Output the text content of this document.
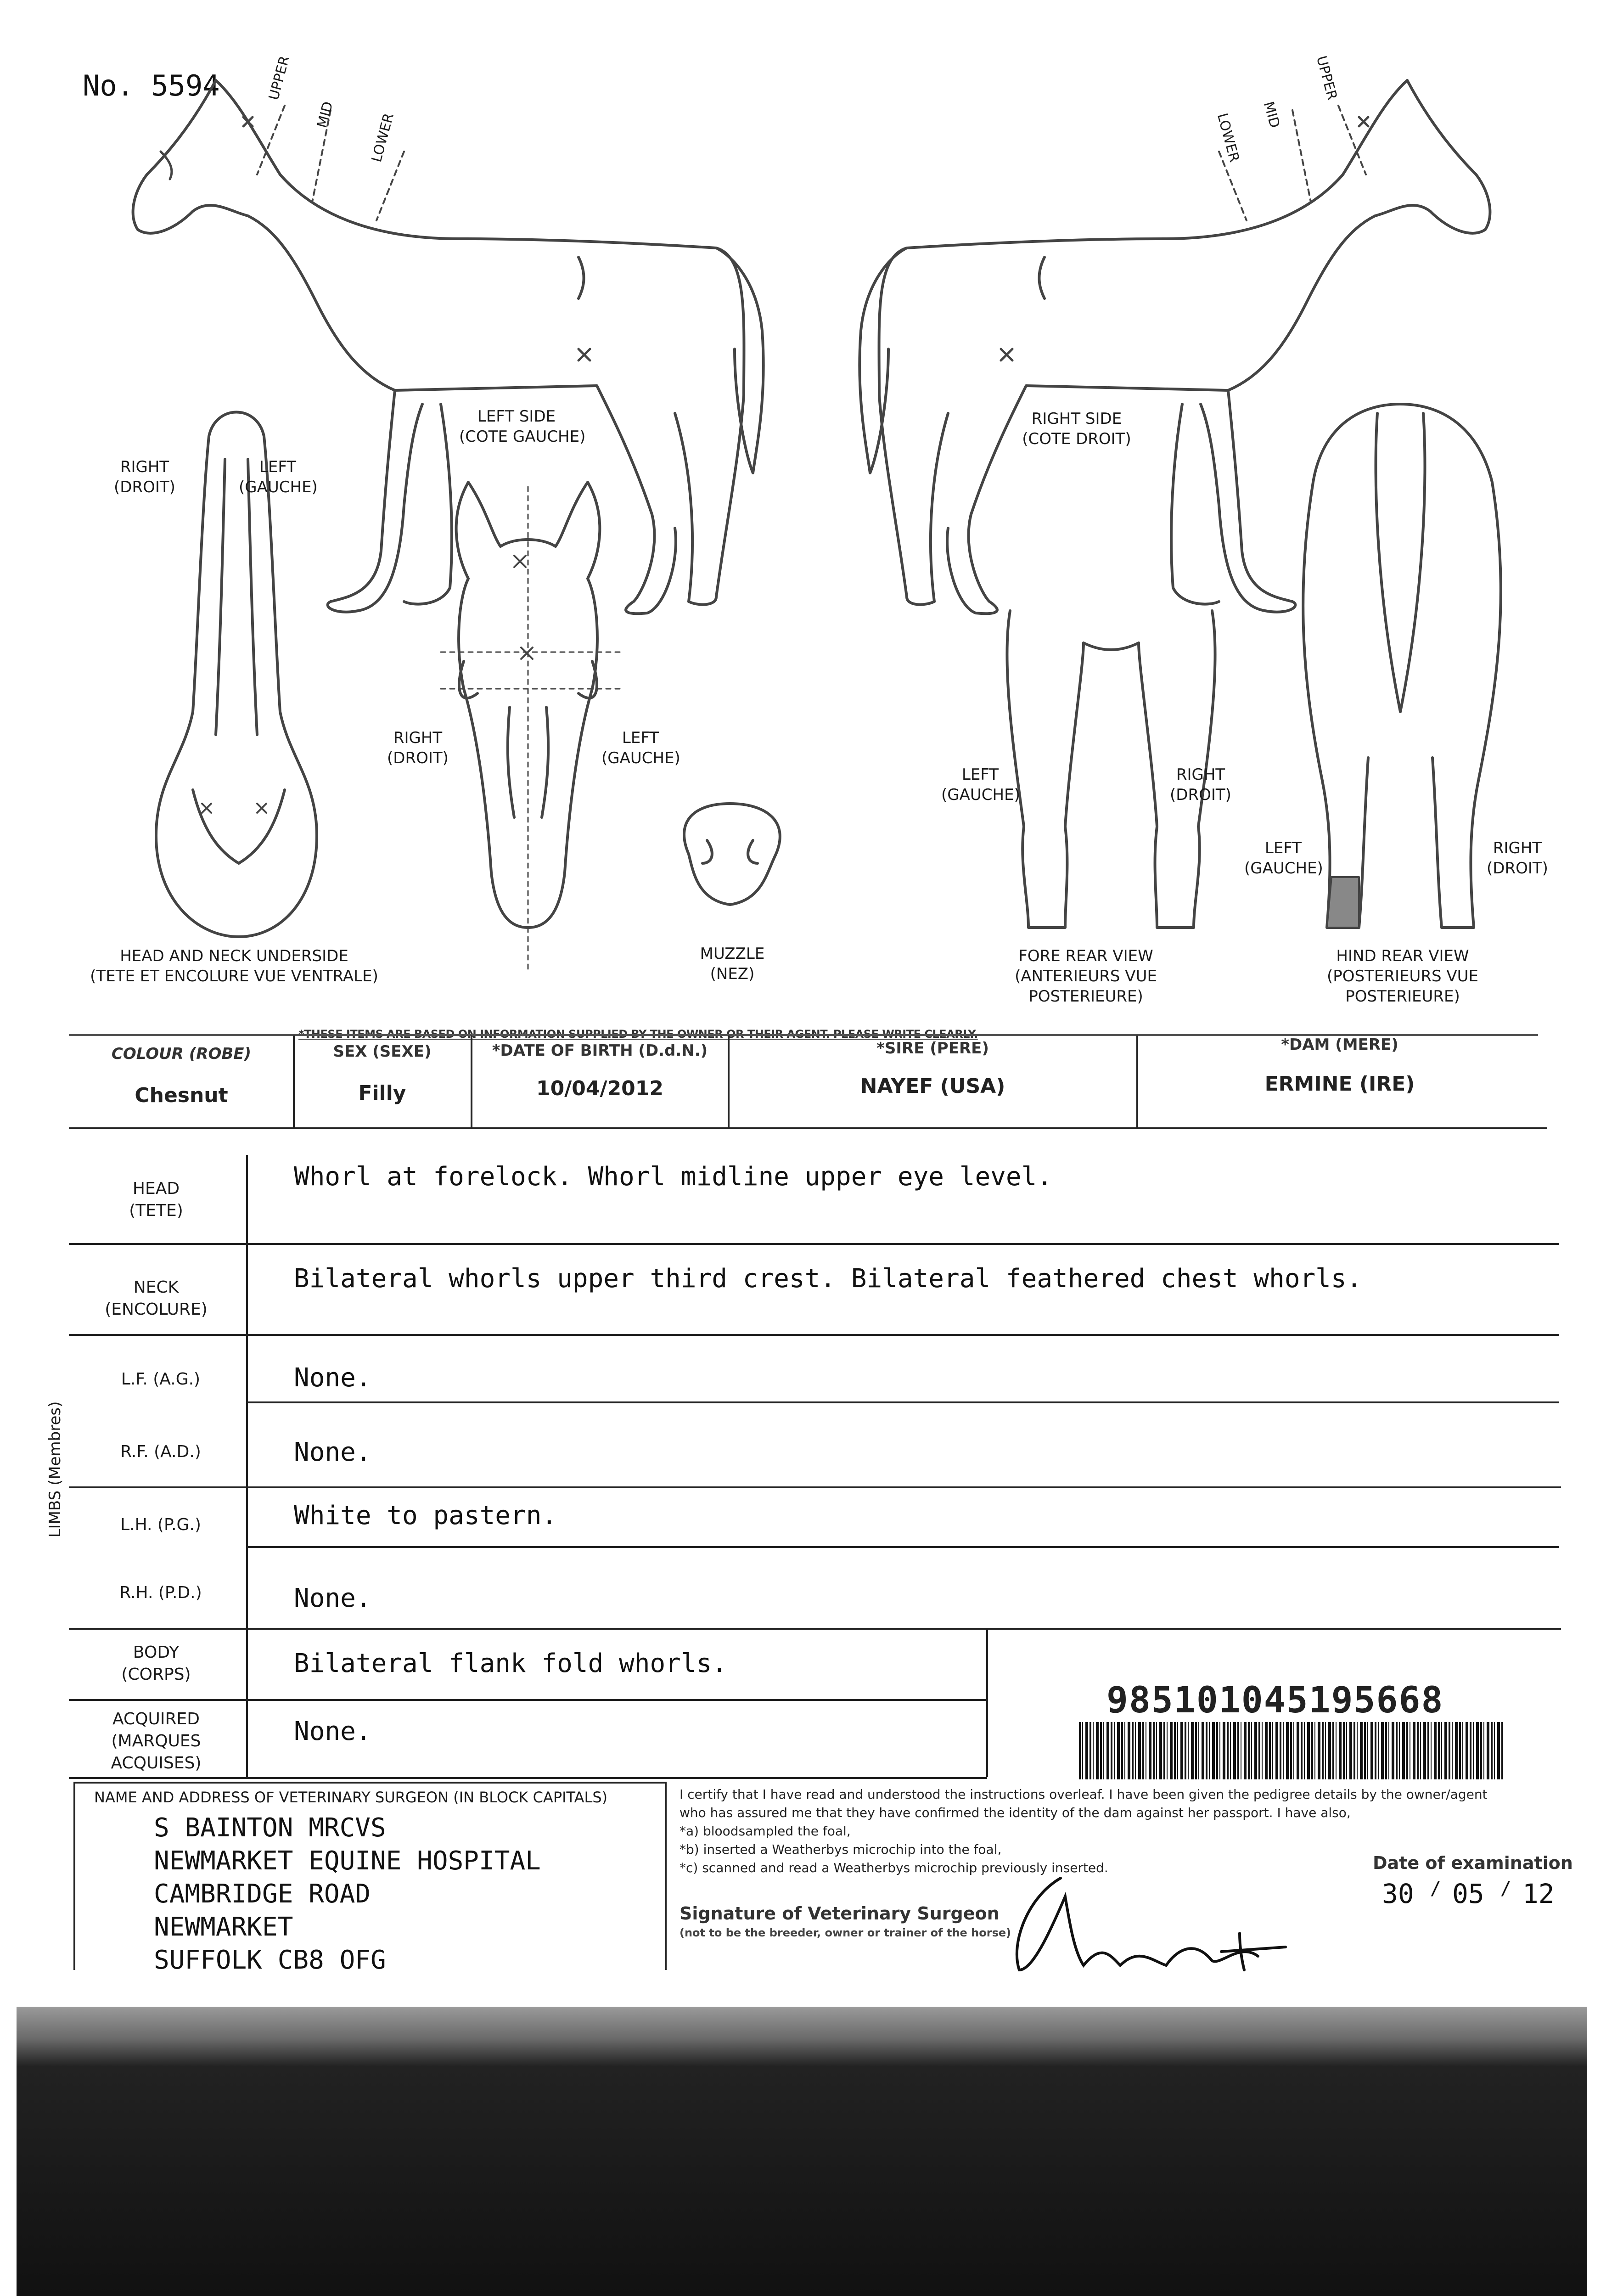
No. 5594	UPPER
MID LOWER
UPPER
MID
LOWER
LEFT SIDE
(COTE GAUCHE)
RIGHT SIDE
(COTE DROIT)
RIGHT
(DROIT)
LEFT
(GAUCHE)
HEAD AND NECK UNDERSIDE
(TETE ET ENCOLURE VUE VENTRALE)
RIGHT
(DROIT)
LEFT
(GAUCHE)
MUZZLE
(NEZ)
LEFT
(GAUCHE)
RIGHT
(DROIT)
FORE REAR VIEW
(ANTERIEURS VUE
POSTERIEURE)
LEFT
(GAUCHE)
RIGHT
(DROIT)
HIND REAR VIEW
(POSTERIEURS VUE
POSTERIEURE)
COLOUR (ROBE)
Chesnut
SEX (SEXE)
Filly
*DATE OF BIRTH (D.d.N.)
10/04/2012
*SIRE (PERE)
NAYEF (USA)
*DAM (MERE)
ERMINE (IRE)
HEAD
(TETE)
Whorl at forelock. Whorl midline upper eye level.
NECK
(ENCOLURE)
Bilateral whorls upper third crest. Bilateral feathered chest whorls.
LIMBS (Membres)
L.F. (A.G.)	None.
R.F. (A.D.)	None.
L.H. (P.G.)	White to pastern.
R.H. (P.D.)	None.
BODY
(CORPS)	Bilateral flank fold whorls.
ACQUIRED
(MARQUES
ACQUISES)
None.
985101045195668
NAME AND ADDRESS OF VETERINARY SURGEON (IN BLOCK CAPITALS)
S BAINTON MRCVS
NEWMARKET EQUINE HOSPITAL
CAMBRIDGE ROAD
NEWMARKET
SUFFOLK CB8 OFG
I certify that I have read and understood the instructions overleaf. I have been given the pedigree details by the owner/agent
who has assured me that they have confirmed the identity of the dam against her passport. I have also,
*a) bloodsampled the foal,
*b) inserted a Weatherbys microchip into the foal,
*c) scanned and read a Weatherbys microchip previously inserted.
Signature of Veterinary Surgeon
(not to be the breeder, owner or trainer of the horse)
Date of examination
30 / 05 / 12
